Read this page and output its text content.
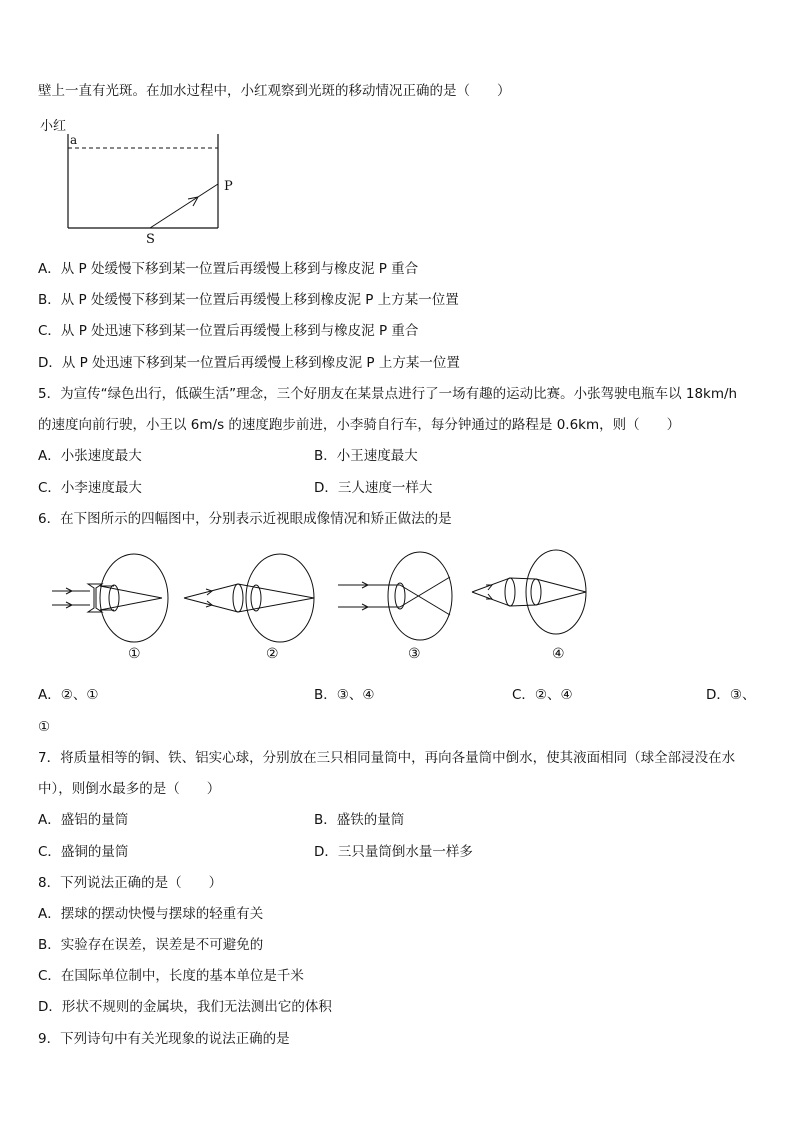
壁上一直有光斑。在加水过程中，小红观察到光斑的移动情况正确的是（　　）
小红
a
P
S
A．从 P 处缓慢下移到某一位置后再缓慢上移到与橡皮泥 P 重合
B．从 P 处缓慢下移到某一位置后再缓慢上移到橡皮泥 P 上方某一位置
C．从 P 处迅速下移到某一位置后再缓慢上移到与橡皮泥 P 重合
D．从 P 处迅速下移到某一位置后再缓慢上移到橡皮泥 P 上方某一位置
5．为宣传“绿色出行，低碳生活”理念，三个好朋友在某景点进行了一场有趣的运动比赛。小张驾驶电瓶车以 18km/h
的速度向前行驶，小王以 6m/s 的速度跑步前进，小李骑自行车，每分钟通过的路程是 0.6km，则（　　）
A．小张速度最大	B．小王速度最大
C．小李速度最大	D．三人速度一样大
6．在下图所示的四幅图中，分别表示近视眼成像情况和矫正做法的是
①	②	③	④
A．②、①	B．③、④	C．②、④	D．③、
①
7．将质量相等的铜、铁、铝实心球，分别放在三只相同量筒中，再向各量筒中倒水，使其液面相同（球全部浸没在水
中），则倒水最多的是（　　）
A．盛铝的量筒	B．盛铁的量筒
C．盛铜的量筒	D．三只量筒倒水量一样多
8．下列说法正确的是（　　）
A．摆球的摆动快慢与摆球的轻重有关
B．实验存在误差，误差是不可避免的
C．在国际单位制中，长度的基本单位是千米
D．形状不规则的金属块，我们无法测出它的体积
9．下列诗句中有关光现象的说法正确的是
